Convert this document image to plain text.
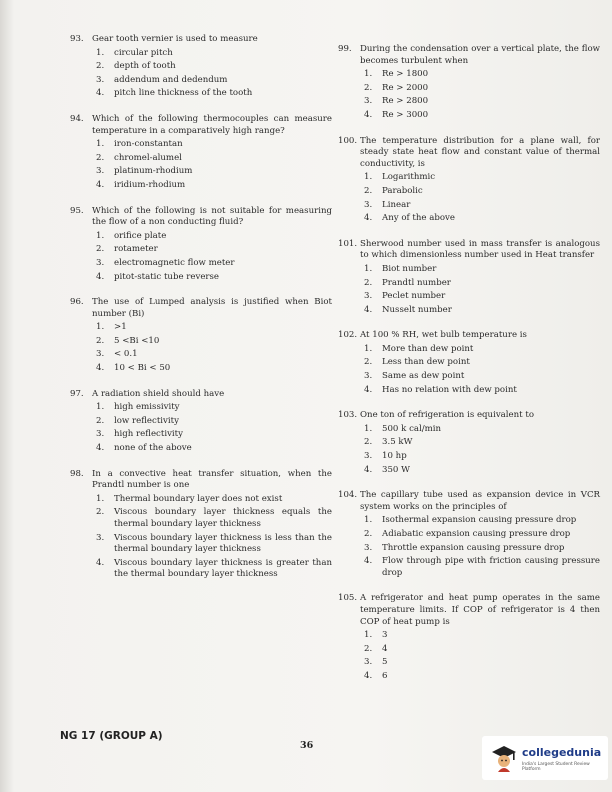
93. Gear tooth vernier is used to measure
1. circular pitch
2. depth of tooth
3. addendum and dedendum
4. pitch line thickness of the tooth
94. Which of the following thermocouples can measure temperature in a comparatively high range?
1. iron-constantan
2. chromel-alumel
3. platinum-rhodium
4. iridium-rhodium
95. Which of the following is not suitable for measuring the flow of a non conducting fluid?
1. orifice plate
2. rotameter
3. electromagnetic flow meter
4. pitot-static tube reverse
96. The use of Lumped analysis is justified when Biot number (Bi)
1. >1
2. 5 <Bi <10
3. < 0.1
4. 10 < Bi < 50
97. A radiation shield should have
1. high emissivity
2. low reflectivity
3. high reflectivity
4. none of the above
98. In a convective heat transfer situation, when the Prandtl number is one
1. Thermal boundary layer does not exist
2. Viscous boundary layer thickness equals the thermal boundary layer thickness
3. Viscous boundary layer thickness is less than the thermal boundary layer thickness
4. Viscous boundary layer thickness is greater than the thermal boundary layer thickness
99. During the condensation over a vertical plate, the flow becomes turbulent when
1. Re > 1800
2. Re > 2000
3. Re > 2800
4. Re > 3000
100. The temperature distribution for a plane wall, for steady state heat flow and constant value of thermal conductivity, is
1. Logarithmic
2. Parabolic
3. Linear
4. Any of the above
101. Sherwood number used in mass transfer is analogous to which dimensionless number used in Heat transfer
1. Biot number
2. Prandtl number
3. Peclet number
4. Nusselt number
102. At 100 % RH, wet bulb temperature is
1. More than dew point
2. Less than dew point
3. Same as dew point
4. Has no relation with dew point
103. One ton of refrigeration is equivalent to
1. 500 k cal/min
2. 3.5 kW
3. 10 hp
4. 350 W
104. The capillary tube used as expansion device in VCR system works on the principles of
1. Isothermal expansion causing pressure drop
2. Adiabatic expansion causing pressure drop
3. Throttle expansion causing pressure drop
4. Flow through pipe with friction causing pressure drop
105. A refrigerator and heat pump operates in the same temperature limits. If COP of refrigerator is 4 then COP of heat pump is
1. 3
2. 4
3. 5
4. 6
NG 17 (GROUP A)
36
collegedunia
India's Largest Student Review Platform
